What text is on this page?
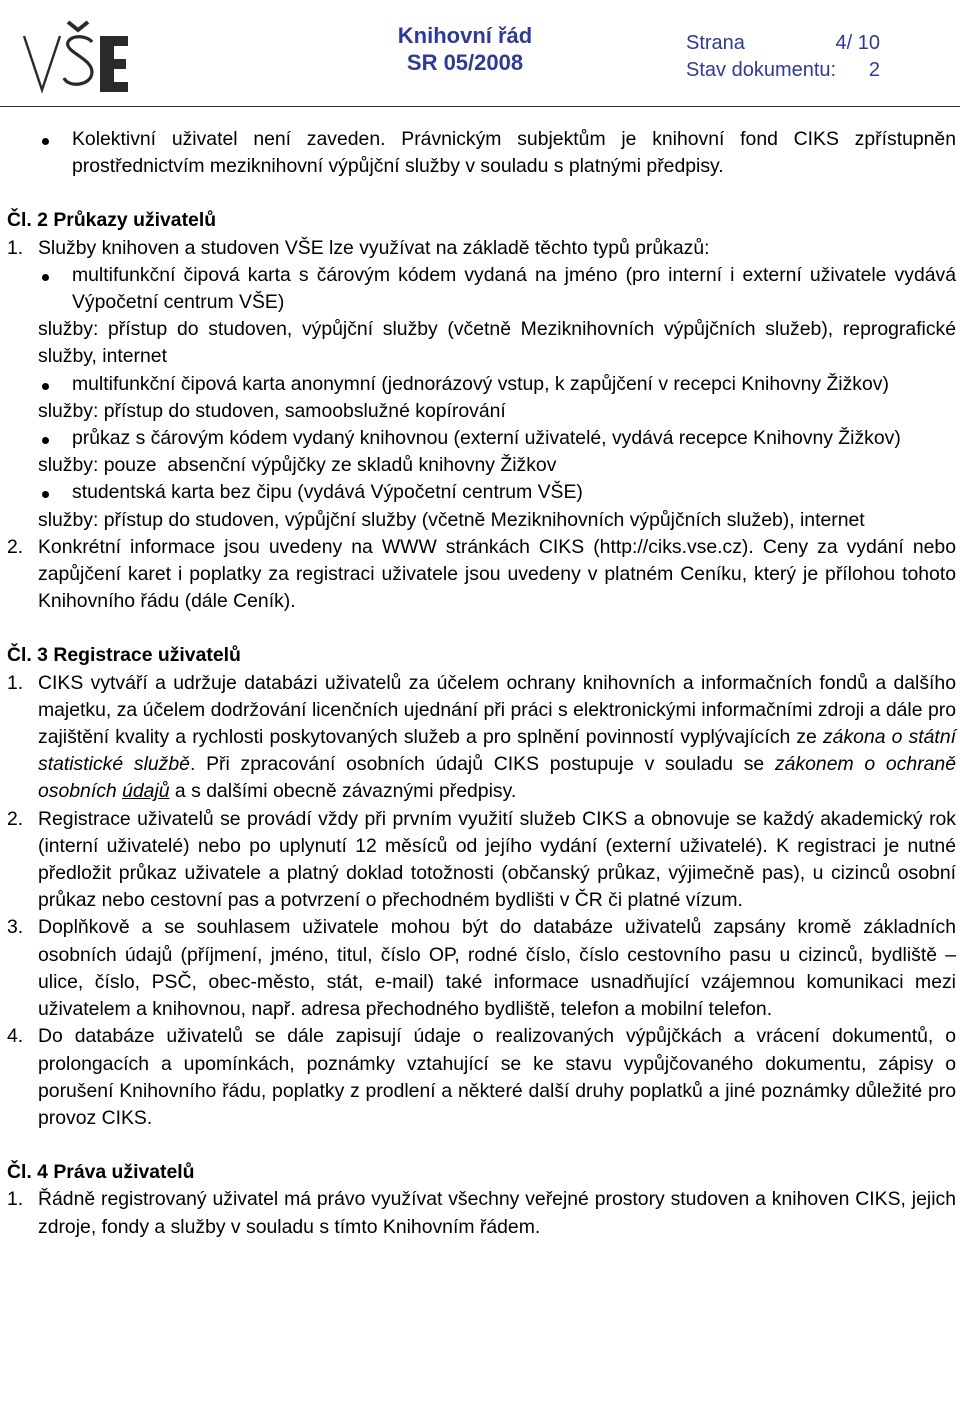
Knihovní řád
SR 05/2008
Strana	4/ 10
Stav dokumentu:	2
Kolektivní uživatel není zaveden. Právnickým subjektům je knihovní fond CIKS zpřístupněn prostřednictvím meziknihovní výpůjční služby v souladu s platnými předpisy.
Čl. 2 Průkazy uživatelů
1. Služby knihoven a studoven VŠE lze využívat na základě těchto typů průkazů:
multifunkční čipová karta s čárovým kódem vydaná na jméno (pro interní i externí uživatele vydává Výpočetní centrum VŠE)
služby: přístup do studoven, výpůjční služby (včetně Meziknihovních výpůjčních služeb), reprografické služby, internet
multifunkční čipová karta anonymní (jednorázový vstup, k zapůjčení v recepci Knihovny Žižkov)
služby: přístup do studoven, samoobslužné kopírování
průkaz s čárovým kódem vydaný knihovnou (externí uživatelé, vydává recepce Knihovny Žižkov)
služby: pouze  absenční výpůjčky ze skladů knihovny Žižkov
studentská karta bez čipu (vydává Výpočetní centrum VŠE)
služby: přístup do studoven, výpůjční služby (včetně Meziknihovních výpůjčních služeb), internet
2. Konkrétní informace jsou uvedeny na WWW stránkách CIKS (http://ciks.vse.cz). Ceny za vydání nebo zapůjčení karet i poplatky za registraci uživatele jsou uvedeny v platném Ceníku, který je přílohou tohoto Knihovního řádu (dále Ceník).
Čl. 3 Registrace uživatelů
1. CIKS vytváří a udržuje databázi uživatelů za účelem ochrany knihovních a informačních fondů a dalšího majetku, za účelem dodržování licenčních ujednání při práci s elektronickými informačními zdroji a dále pro zajištění kvality a rychlosti poskytovaných služeb a pro splnění povinností vyplývajících ze zákona o státní statistické službě. Při zpracování osobních údajů CIKS postupuje v souladu se zákonem o ochraně osobních údajů a s dalšími obecně závaznými předpisy.
2. Registrace uživatelů se provádí vždy při prvním využití služeb CIKS a obnovuje se každý akademický rok (interní uživatelé) nebo po uplynutí 12 měsíců od jejího vydání (externí uživatelé). K registraci je nutné předložit průkaz uživatele a platný doklad totožnosti (občanský průkaz, výjimečně pas), u cizinců osobní průkaz nebo cestovní pas a potvrzení o přechodném bydlišti v ČR či platné vízum.
3. Doplňkově a se souhlasem uživatele mohou být do databáze uživatelů zapsány kromě základních osobních údajů (příjmení, jméno, titul, číslo OP, rodné číslo, číslo cestovního pasu u cizinců, bydliště – ulice, číslo, PSČ, obec-město, stát, e-mail) také informace usnadňující vzájemnou komunikaci mezi uživatelem a knihovnou, např. adresa přechodného bydliště, telefon a mobilní telefon.
4. Do databáze uživatelů se dále zapisují údaje o realizovaných výpůjčkách a vrácení dokumentů, o prolongacích a upomínkách, poznámky vztahující se ke stavu vypůjčovaného dokumentu, zápisy o porušení Knihovního řádu, poplatky z prodlení a některé další druhy poplatků a jiné poznámky důležité pro provoz CIKS.
Čl. 4 Práva uživatelů
1. Řádně registrovaný uživatel má právo využívat všechny veřejné prostory studoven a knihoven CIKS, jejich zdroje, fondy a služby v souladu s tímto Knihovním řádem.
